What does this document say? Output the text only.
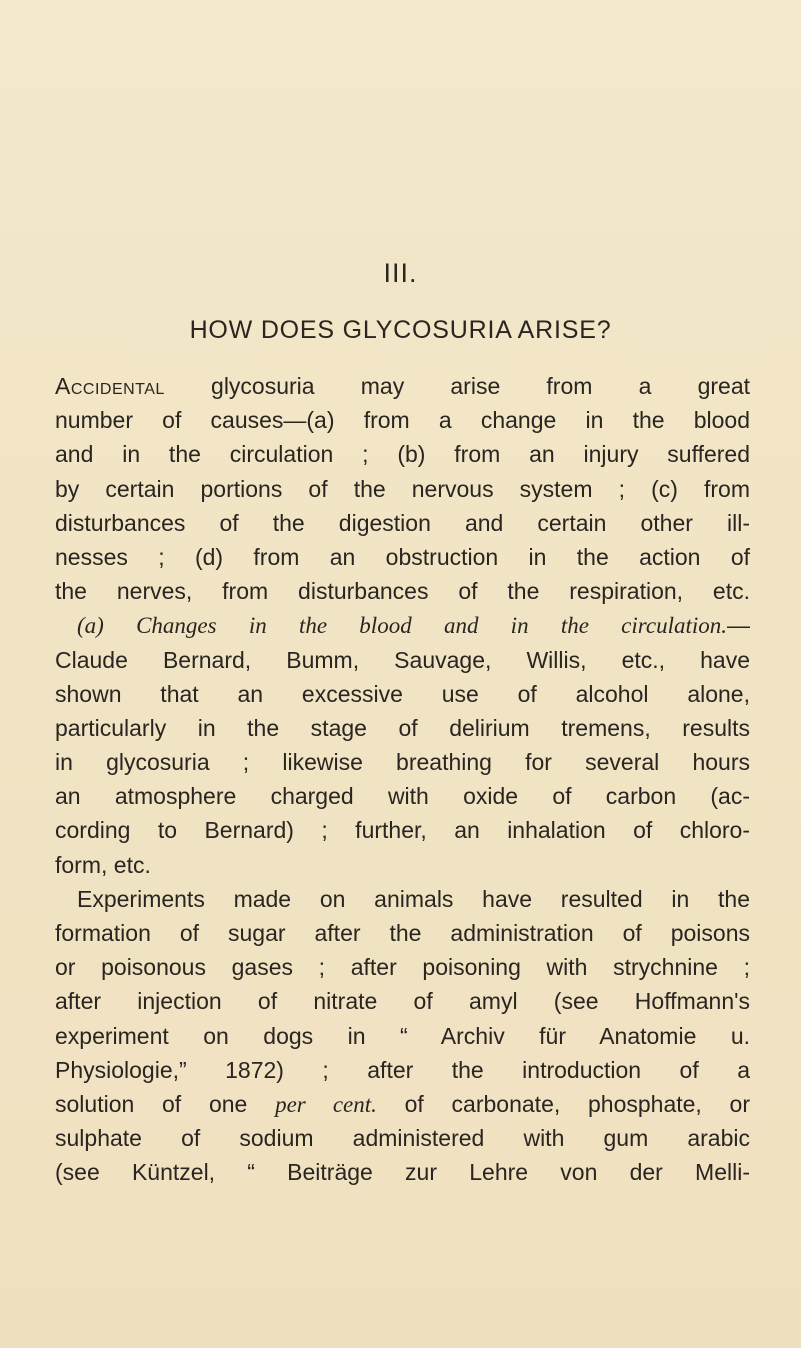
III.
HOW DOES GLYCOSURIA ARISE?
Accidental glycosuria may arise from a great
number of causes—(a) from a change in the blood
and in the circulation ; (b) from an injury suffered
by certain portions of the nervous system ; (c) from
disturbances of the digestion and certain other ill-
nesses ; (d) from an obstruction in the action of
the nerves, from disturbances of the respiration, etc.
(a) Changes in the blood and in the circulation.—
Claude Bernard, Bumm, Sauvage, Willis, etc., have
shown that an excessive use of alcohol alone,
particularly in the stage of delirium tremens, results
in glycosuria ; likewise breathing for several hours
an atmosphere charged with oxide of carbon (ac-
cording to Bernard) ; further, an inhalation of chloro-
form, etc.
Experiments made on animals have resulted in the
formation of sugar after the administration of poisons
or poisonous gases ; after poisoning with strychnine ;
after injection of nitrate of amyl (see Hoffmann's
experiment on dogs in “ Archiv für Anatomie u.
Physiologie,” 1872) ; after the introduction of a
solution of one per cent. of carbonate, phosphate, or
sulphate of sodium administered with gum arabic
(see Küntzel, “ Beiträge zur Lehre von der Melli-
